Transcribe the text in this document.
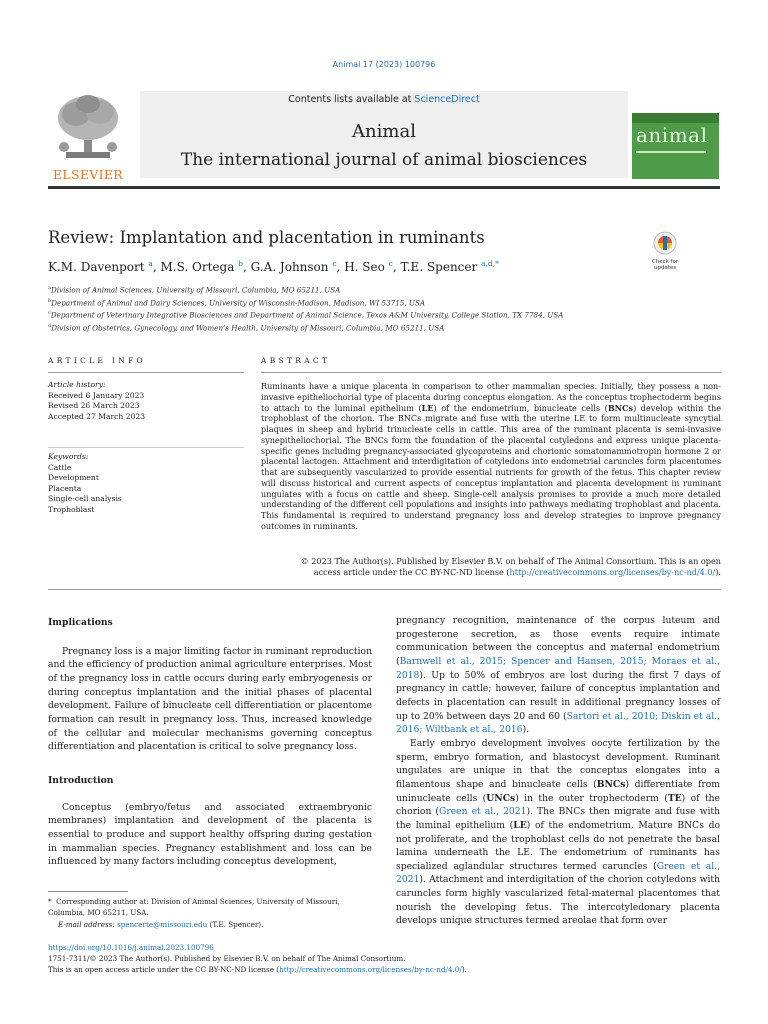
Animal 17 (2023) 100796
ELSEVIER
Contents lists available at ScienceDirect
Animal
The international journal of animal biosciences
animal
Review: Implantation and placentation in ruminants
Check for
updates
K.M. Davenport $^a$, M.S. Ortega $^b$, G.A. Johnson $^c$, H. Seo $^c$, T.E. Spencer $^{a,d,*}$
$^a$Division of Animal Sciences, University of Missouri, Columbia, MO 65211, USA
$^b$Department of Animal and Dairy Sciences, University of Wisconsin-Madison, Madison, WI 53715, USA
$^c$Department of Veterinary Integrative Biosciences and Department of Animal Science, Texas A&M University, College Station, TX 7784, USA
$^d$Division of Obstetrics, Gynecology, and Women’s Health, University of Missouri, Columbia, MO 65211, USA
ARTICLE INFO
Article history:
Received 6 January 2023
Revised 26 March 2023
Accepted 27 March 2023
Keywords:
Cattle
Development
Placenta
Single-cell analysis
Trophoblast
ABSTRACT
Ruminants have a unique placenta in comparison to other mammalian species. Initially, they possess a non-invasive epitheliochorial type of placenta during conceptus elongation. As the conceptus trophectoderm begins to attach to the luminal epithelium (LE) of the endometrium, binucleate cells (BNCs) develop within the trophoblast of the chorion. The BNCs migrate and fuse with the uterine LE to form multinucleate syncytial plaques in sheep and hybrid trinucleate cells in cattle. This area of the ruminant placenta is semi-invasive synepitheliochorial. The BNCs form the foundation of the placental cotyledons and express unique placenta-specific genes including pregnancy-associated glycoproteins and chorionic somatomammotropin hormone 2 or placental lactogen. Attachment and interdigitation of cotyledons into endometrial caruncles form placentomes that are subsequently vascularized to provide essential nutrients for growth of the fetus. This chapter review will discuss historical and current aspects of conceptus implantation and placenta development in ruminant ungulates with a focus on cattle and sheep. Single-cell analysis promises to provide a much more detailed understanding of the different cell populations and insights into pathways mediating trophoblast and placenta. This fundamental is required to understand pregnancy loss and develop strategies to improve pregnancy outcomes in ruminants.
© 2023 The Author(s). Published by Elsevier B.V. on behalf of The Animal Consortium. This is an open
access article under the CC BY-NC-ND license (http://creativecommons.org/licenses/by-nc-nd/4.0/).
Implications

Pregnancy loss is a major limiting factor in ruminant reproduction and the efficiency of production animal agriculture enterprises. Most of the pregnancy loss in cattle occurs during early embryogenesis or during conceptus implantation and the initial phases of placental development. Failure of binucleate cell differentiation or placentome formation can result in pregnancy loss. Thus, increased knowledge of the cellular and molecular mechanisms governing conceptus differentiation and placentation is critical to solve pregnancy loss.

Introduction

Conceptus (embryo/fetus and associated extraembryonic membranes) implantation and development of the placenta is essential to produce and support healthy offspring during gestation in mammalian species. Pregnancy establishment and loss can be influenced by many factors including conceptus development,

* Corresponding author at: Division of Animal Sciences, University of Missouri, Columbia, MO 65211, USA.
E-mail address: spencerte@missouri.edu (T.E. Spencer).
pregnancy recognition, maintenance of the corpus luteum and progesterone secretion, as those events require intimate communication between the conceptus and maternal endometrium (Barnwell et al., 2015; Spencer and Hansen, 2015; Moraes et al., 2018). Up to 50% of embryos are lost during the first 7 days of pregnancy in cattle; however, failure of conceptus implantation and defects in placentation can result in additional pregnancy losses of up to 20% between days 20 and 60 (Sartori et al., 2010; Diskin et al., 2016; Wiltbank et al., 2016).

Early embryo development involves oocyte fertilization by the sperm, embryo formation, and blastocyst development. Ruminant ungulates are unique in that the conceptus elongates into a filamentous shape and binucleate cells (BNCs) differentiate from uninucleate cells (UNCs) in the outer trophectoderm (TE) of the chorion (Green et al., 2021). The BNCs then migrate and fuse with the luminal epithelium (LE) of the endometrium. Mature BNCs do not proliferate, and the trophoblast cells do not penetrate the basal lamina underneath the LE. The endometrium of ruminants has specialized aglandular structures termed caruncles (Green et al., 2021). Attachment and interdigitation of the chorion cotyledons with caruncles form highly vascularized fetal-maternal placentomes that nourish the developing fetus. The intercotyledonary placenta develops unique structures termed areolae that form over

https://doi.org/10.1016/j.animal.2023.100796
1751-7311/© 2023 The Author(s). Published by Elsevier B.V. on behalf of The Animal Consortium.
This is an open access article under the CC BY-NC-ND license (http://creativecommons.org/licenses/by-nc-nd/4.0/).
